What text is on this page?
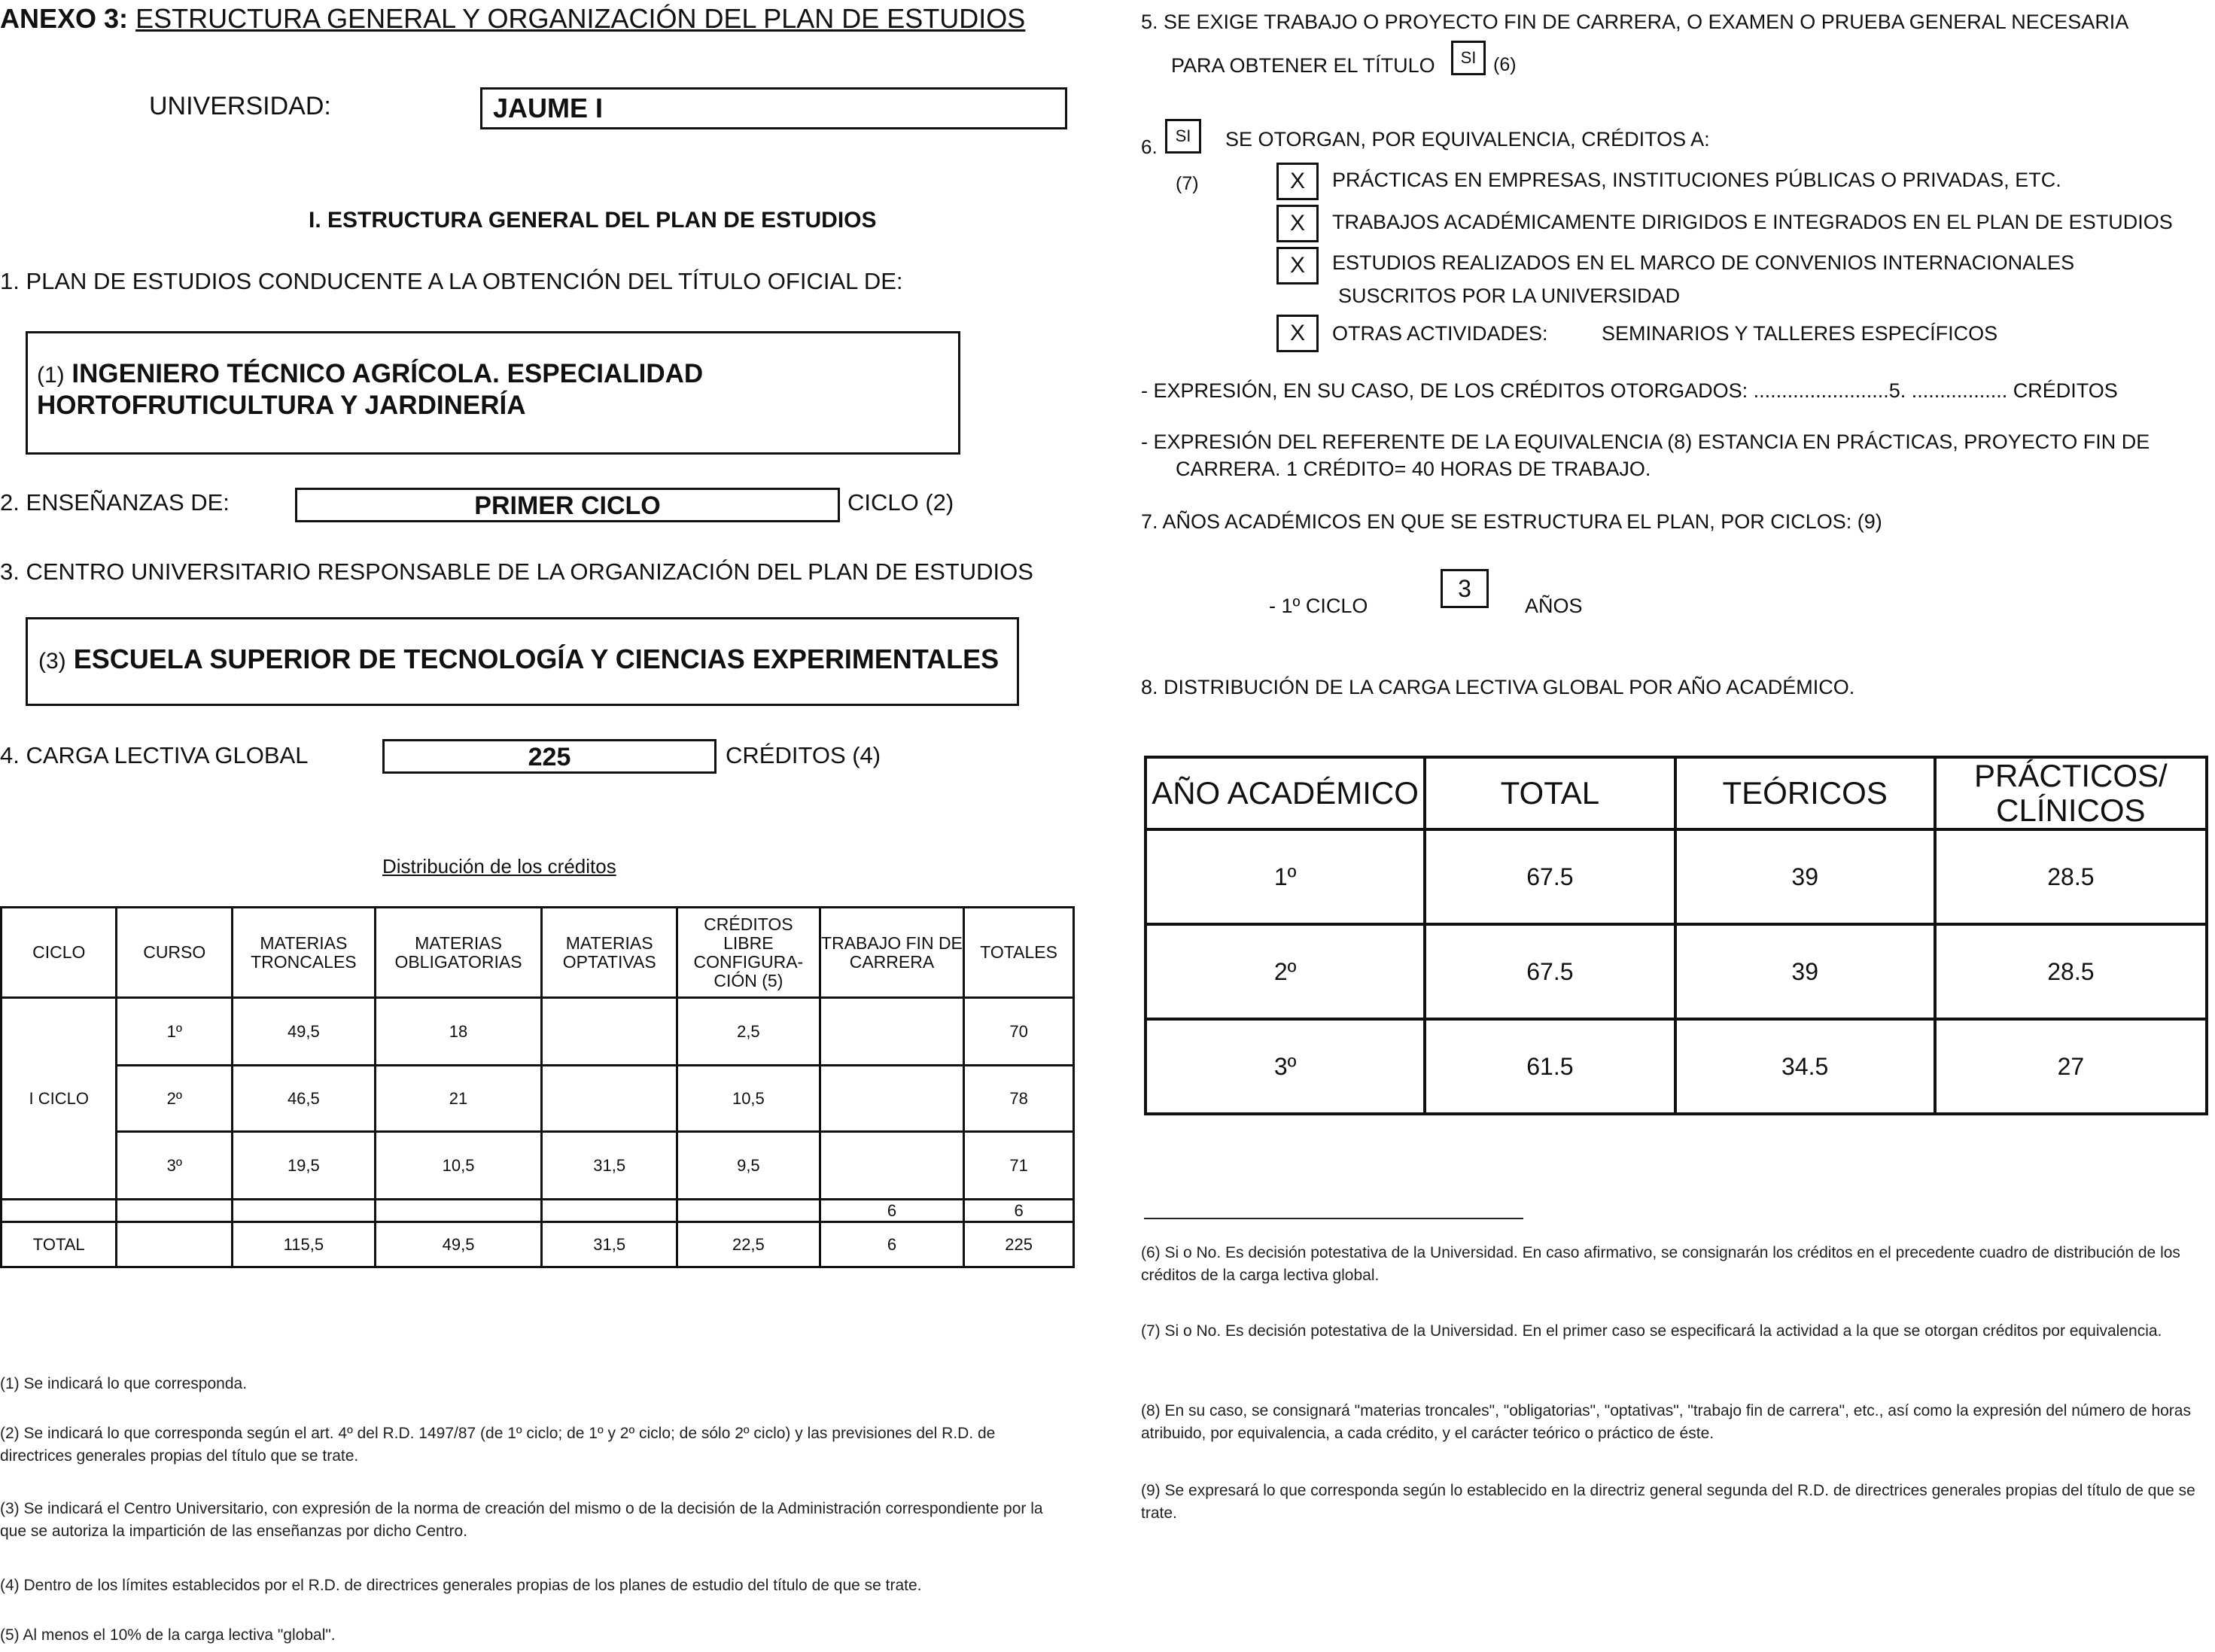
ANEXO 3: ESTRUCTURA GENERAL Y ORGANIZACIÓN DEL PLAN DE ESTUDIOS
UNIVERSIDAD:	JAUME I
I. ESTRUCTURA GENERAL DEL PLAN DE ESTUDIOS
1. PLAN DE ESTUDIOS CONDUCENTE A LA OBTENCIÓN DEL TÍTULO OFICIAL DE:
(1) INGENIERO TÉCNICO AGRÍCOLA. ESPECIALIDAD
HORTOFRUTICULTURA Y JARDINERÍA
2. ENSEÑANZAS DE:	PRIMER CICLO	CICLO (2)
3. CENTRO UNIVERSITARIO RESPONSABLE DE LA ORGANIZACIÓN DEL PLAN DE ESTUDIOS
(3) ESCUELA SUPERIOR DE TECNOLOGÍA Y CIENCIAS EXPERIMENTALES
4. CARGA LECTIVA GLOBAL	225	CRÉDITOS (4)
Distribución de los créditos
CICLO	CURSO	MATERIAS TRONCALES	MATERIAS OBLIGATORIAS	MATERIAS OPTATIVAS	CRÉDITOS LIBRE CONFIGURA-CIÓN (5)	TRABAJO FIN DE CARRERA	TOTALES
I CICLO	1º	49,5	18		2,5		70
	2º	46,5	21		10,5		78
	3º	19,5	10,5	31,5	9,5		71
						6	6
TOTAL		115,5	49,5	31,5	22,5	6	225
(1) Se indicará lo que corresponda.
(2) Se indicará lo que corresponda según el art. 4º del R.D. 1497/87 (de 1º ciclo; de 1º y 2º ciclo; de sólo 2º ciclo) y las previsiones del R.D. de directrices generales propias del título que se trate.
(3) Se indicará el Centro Universitario, con expresión de la norma de creación del mismo o de la decisión de la Administración correspondiente por la que se autoriza la impartición de las enseñanzas por dicho Centro.
(4) Dentro de los límites establecidos por el R.D. de directrices generales propias de los planes de estudio del título de que se trate.
(5) Al menos el 10% de la carga lectiva "global".
5. SE EXIGE TRABAJO O PROYECTO FIN DE CARRERA, O EXAMEN O PRUEBA GENERAL NECESARIA
PARA OBTENER EL TÍTULO	SI (6)
6.	SI	SE OTORGAN, POR EQUIVALENCIA, CRÉDITOS A:
(7)	X	PRÁCTICAS EN EMPRESAS, INSTITUCIONES PÚBLICAS O PRIVADAS, ETC.
X	TRABAJOS ACADÉMICAMENTE DIRIGIDOS E INTEGRADOS EN EL PLAN DE ESTUDIOS
X	ESTUDIOS REALIZADOS EN EL MARCO DE CONVENIOS INTERNACIONALES
SUSCRITOS POR LA UNIVERSIDAD
X	OTRAS ACTIVIDADES:	SEMINARIOS Y TALLERES ESPECÍFICOS
- EXPRESIÓN, EN SU CASO, DE LOS CRÉDITOS OTORGADOS: ........................5. ................. CRÉDITOS
- EXPRESIÓN DEL REFERENTE DE LA EQUIVALENCIA (8) ESTANCIA EN PRÁCTICAS, PROYECTO FIN DE
CARRERA. 1 CRÉDITO= 40 HORAS DE TRABAJO.
7. AÑOS ACADÉMICOS EN QUE SE ESTRUCTURA EL PLAN, POR CICLOS: (9)
- 1º CICLO
3
AÑOS
8. DISTRIBUCIÓN DE LA CARGA LECTIVA GLOBAL POR AÑO ACADÉMICO.
AÑO ACADÉMICO	TOTAL	TEÓRICOS	PRÁCTICOS/ CLÍNICOS
1º	67.5	39	28.5
2º	67.5	39	28.5
3º	61.5	34.5	27
(6) Si o No. Es decisión potestativa de la Universidad. En caso afirmativo, se consignarán los créditos en el precedente cuadro de distribución de los créditos de la carga lectiva global.
(7) Si o No. Es decisión potestativa de la Universidad. En el primer caso se especificará la actividad a la que se otorgan créditos por equivalencia.
(8) En su caso, se consignará "materias troncales", "obligatorias", "optativas", "trabajo fin de carrera", etc., así como la expresión del número de horas atribuido, por equivalencia, a cada crédito, y el carácter teórico o práctico de éste.
(9) Se expresará lo que corresponda según lo establecido en la directriz general segunda del R.D. de directrices generales propias del título de que se trate.
